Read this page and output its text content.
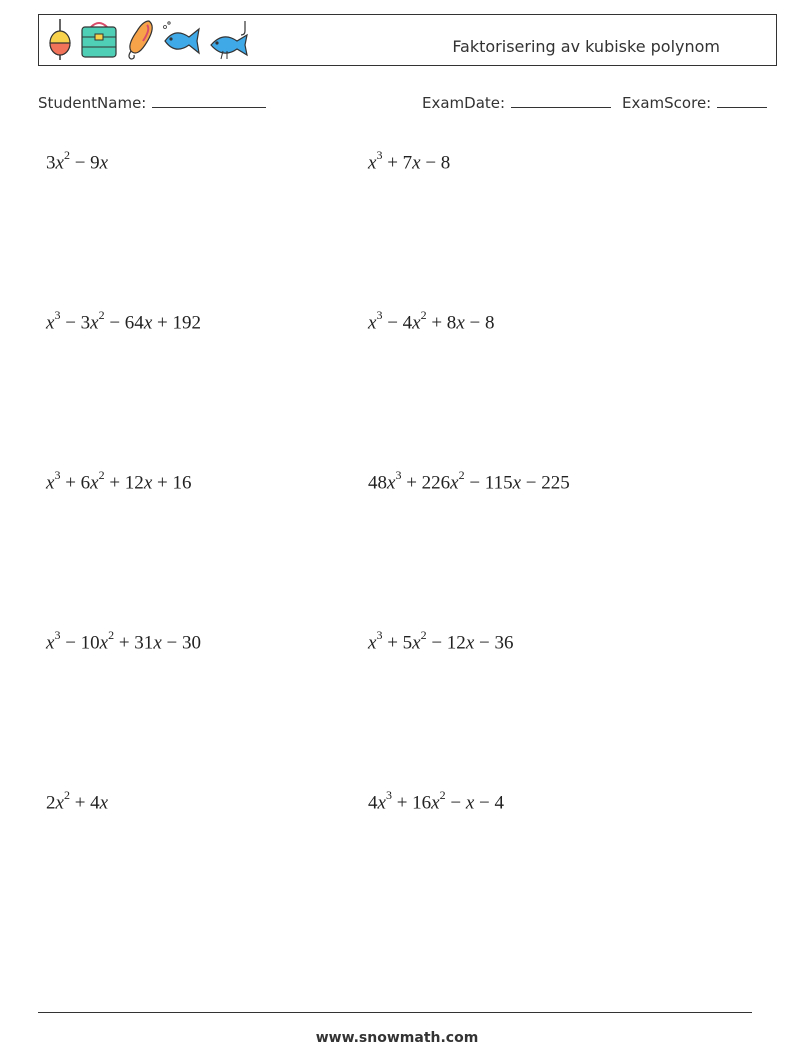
Faktorisering av kubiske polynom
StudentName:	ExamDate:	ExamScore:
$3x^2 - 9x$	$x^3 + 7x - 8$
$x^3 - 3x^2 - 64x + 192$	$x^3 - 4x^2 + 8x - 8$
$x^3 + 6x^2 + 12x + 16$	$48x^3 + 226x^2 - 115x - 225$
$x^3 - 10x^2 + 31x - 30$	$x^3 + 5x^2 - 12x - 36$
$2x^2 + 4x$	$4x^3 + 16x^2 - x - 4$
www.snowmath.com
